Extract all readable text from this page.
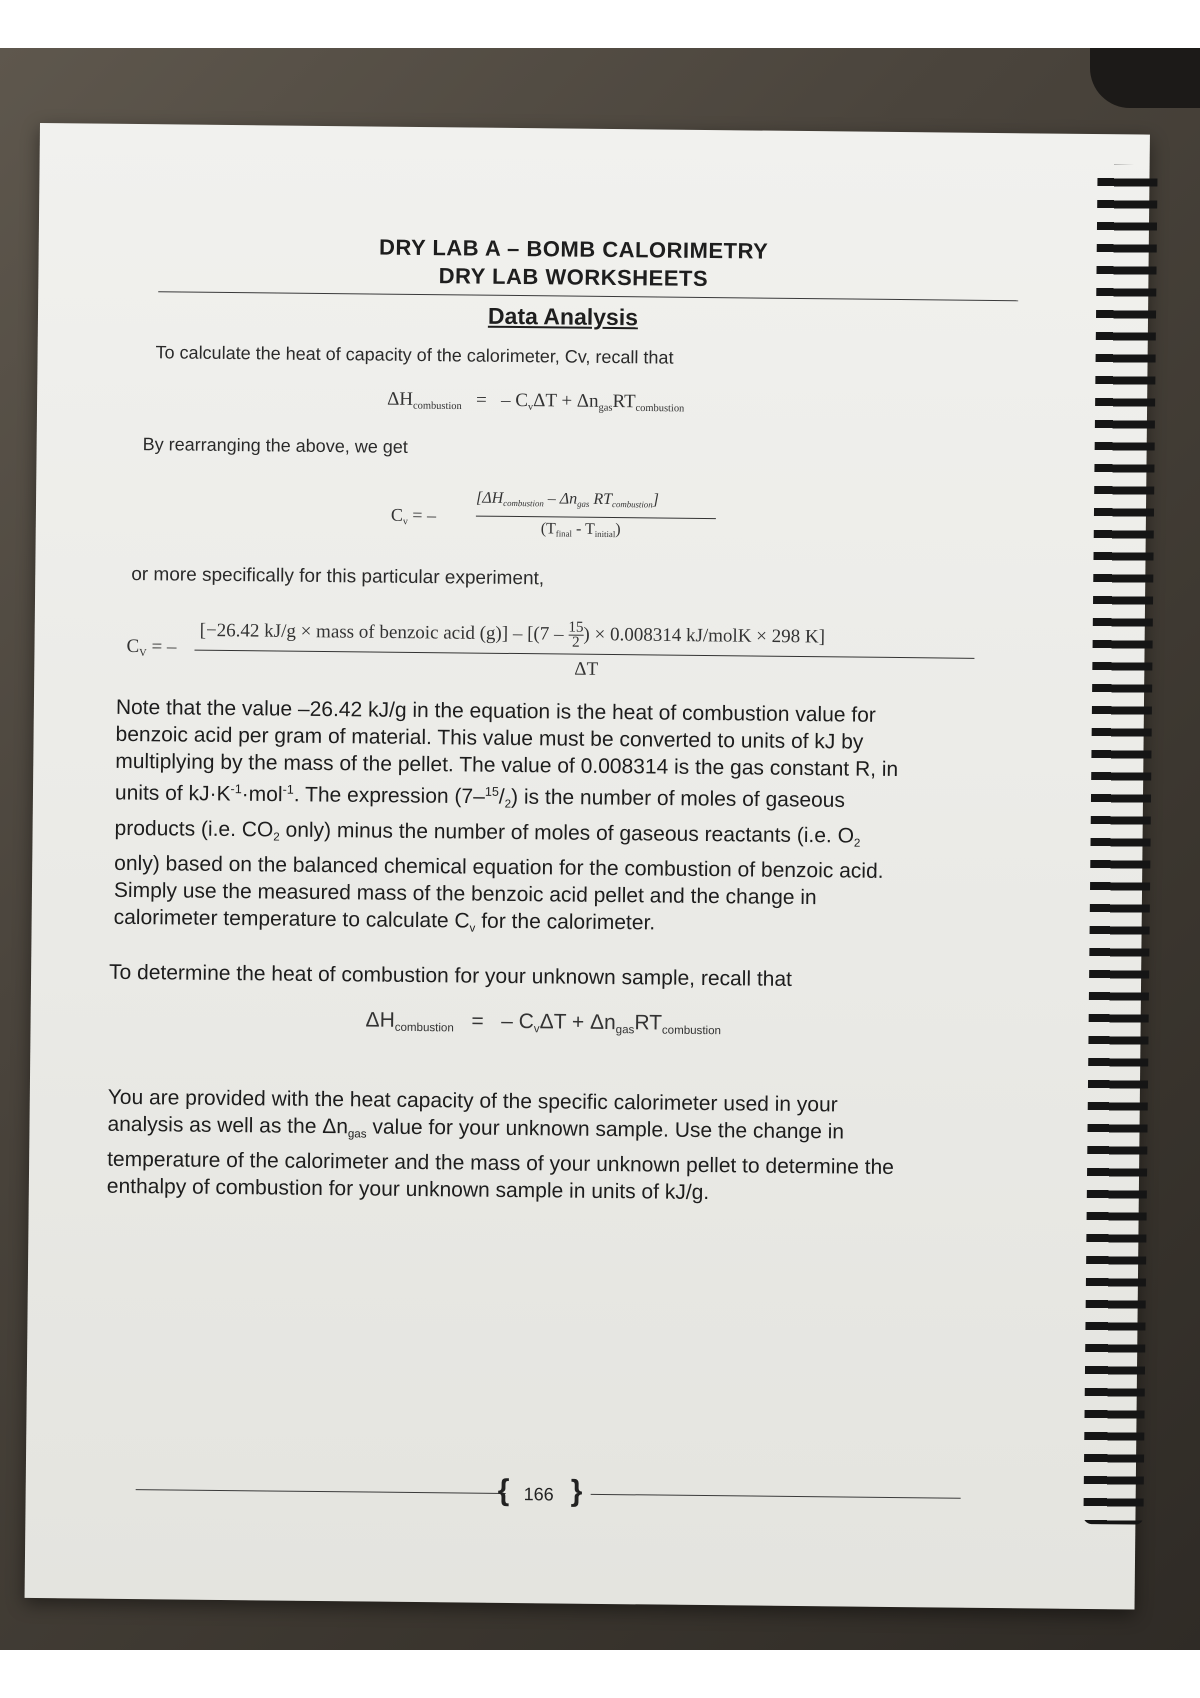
DRY LAB A – BOMB CALORIMETRY
DRY LAB WORKSHEETS
Data Analysis
To calculate the heat of capacity of the calorimeter, Cv, recall that
$\Delta H_{combustion}$ = – $C_v\Delta T + \Delta n_{gas}RT_{combustion}$
By rearranging the above, we get
$C_v$ = –
[$\Delta H_{combustion} - \Delta n_{gas}$ $RT_{combustion}$]
$(T_{final} - T_{initial})$
or more specifically for this particular experiment,
$C_V$ = –
[−26.42 kJ/g × mass of benzoic acid $(g)] - [(7 - \frac{15}{2}$ ) × 0.008314 kJ/molK × 298 K]
ΔT

Note that the value –26.42 kJ/g in the equation is the heat of combustion value for

benzoic acid per gram of material. This value must be converted to units of kJ by

multiplying by the mass of the pellet. The value of 0.008314 is the gas constant R, in

units of $kJ\cdot K^{-1}\cdot mol^{-1}$. The expression $(7-^{15}/_2)$ is the number of moles of gaseous

products (i.e. $CO_2$ only) minus the number of moles of gaseous reactants (i.e. $O_2$

only) based on the balanced chemical equation for the combustion of benzoic acid.

Simply use the measured mass of the benzoic acid pellet and the change in

calorimeter temperature to calculate $C_v$ for the calorimeter.

To determine the heat of combustion for your unknown sample, recall that
$\Delta H_{combustion}$ = – $C_v\Delta T + \Delta n_{gas}RT_{combustion}$

You are provided with the heat capacity of the specific calorimeter used in your

analysis as well as the $\Delta n_{gas}$ value for your unknown sample. Use the change in

temperature of the calorimeter and the mass of your unknown pellet to determine the

enthalpy of combustion for your unknown sample in units of kJ/g.

{ 166 }
